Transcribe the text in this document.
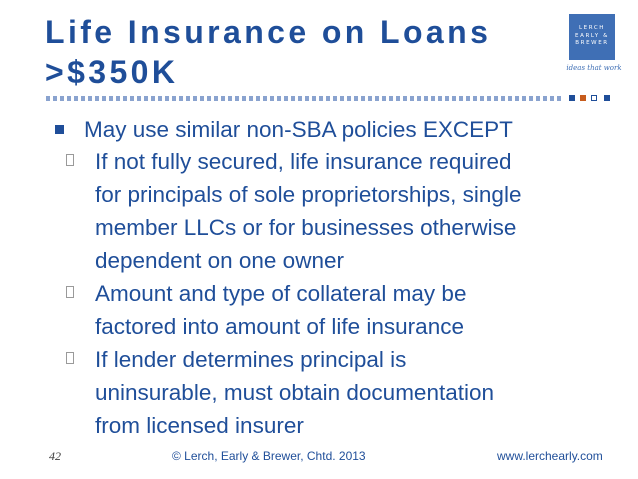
Life Insurance on Loans
>$350K
LERCH
EARLY &
BREWER
ideas that work
May use similar non-SBA policies EXCEPT
If not fully secured, life insurance required
for principals of sole proprietorships, single
member LLCs or for businesses otherwise
dependent on one owner
Amount and type of collateral may be
factored into amount of life insurance
If lender determines principal is
uninsurable, must obtain documentation
from licensed insurer
42	© Lerch, Early & Brewer, Chtd. 2013	www.lerchearly.com
